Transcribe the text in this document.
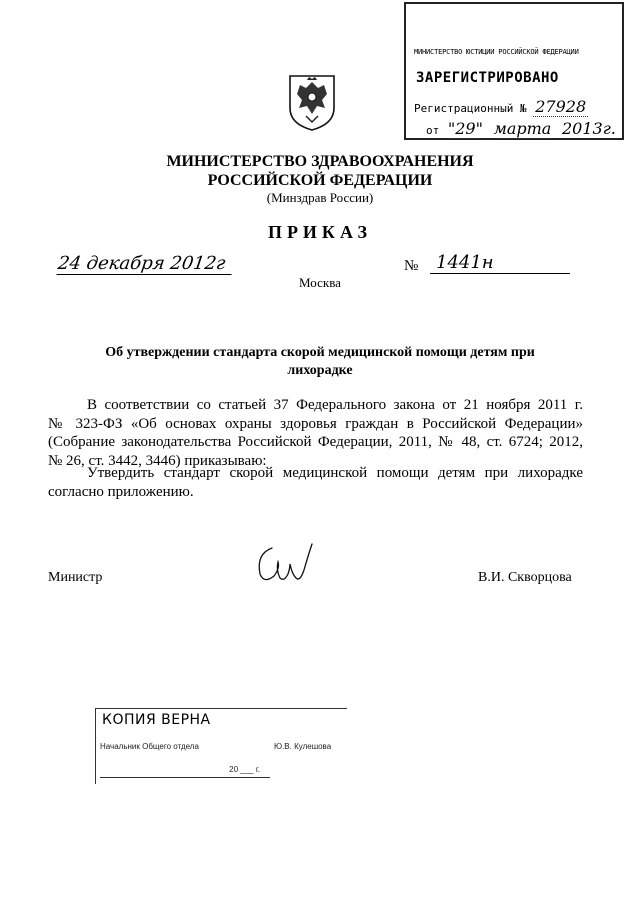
МИНИСТЕРСТВО ЮСТИЦИИ РОССИЙСКОЙ ФЕДЕРАЦИИ
ЗАРЕГИСТРИРОВАНО
Регистрационный № 27928
от "29" марта 2013г.
МИНИСТЕРСТВО ЗДРАВООХРАНЕНИЯ
РОССИЙСКОЙ ФЕДЕРАЦИИ
(Минздрав России)
ПРИКАЗ
24 декабря 2012г	№ 1441н
Москва
Об утверждении стандарта скорой медицинской помощи детям при
лихорадке
В соответствии со статьей 37 Федерального закона от 21 ноября 2011 г.
№ 323-ФЗ «Об основах охраны здоровья граждан в Российской Федерации»
(Собрание законодательства Российской Федерации, 2011, № 48, ст. 6724; 2012,
№ 26, ст. 3442, 3446) приказываю:
Утвердить стандарт скорой медицинской помощи детям при лихорадке
согласно приложению.
Министр	В.И. Скворцова
КОПИЯ ВЕРНА
Начальник Общего отдела	Ю.В. Кулешова
20 ___ г.
